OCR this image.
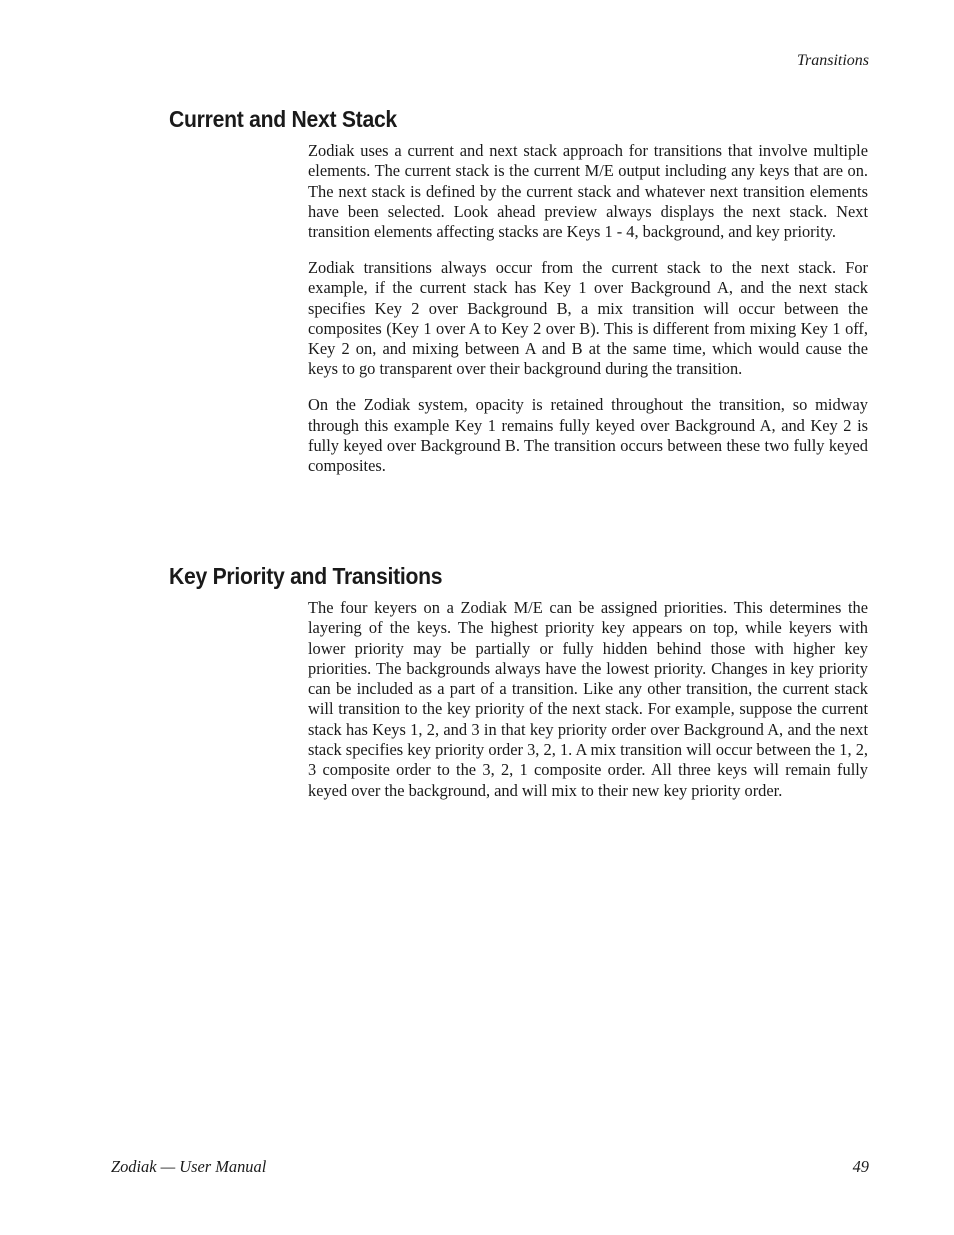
Transitions
Current and Next Stack

Zodiak uses a current and next stack approach for transitions that involve multiple elements. The current stack is the current M/E output including any keys that are on. The next stack is defined by the current stack and whatever next transition elements have been selected. Look ahead preview always displays the next stack. Next transition elements affecting stacks are Keys 1 - 4, background, and key priority.

Zodiak transitions always occur from the current stack to the next stack. For example, if the current stack has Key 1 over Background A, and the next stack specifies Key 2 over Background B, a mix transition will occur between the composites (Key 1 over A to Key 2 over B). This is different from mixing Key 1 off, Key 2 on, and mixing between A and B at the same time, which would cause the keys to go transparent over their background during the transition.

On the Zodiak system, opacity is retained throughout the transition, so midway through this example Key 1 remains fully keyed over Background A, and Key 2 is fully keyed over Background B. The transition occurs between these two fully keyed composites.

Key Priority and Transitions

The four keyers on a Zodiak M/E can be assigned priorities. This determines the layering of the keys. The highest priority key appears on top, while keyers with lower priority may be partially or fully hidden behind those with higher key priorities. The backgrounds always have the lowest priority. Changes in key priority can be included as a part of a transition. Like any other transition, the current stack will transition to the key priority of the next stack. For example, suppose the current stack has Keys 1, 2, and 3 in that key priority order over Background A, and the next stack specifies key priority order 3, 2, 1. A mix transition will occur between the 1, 2, 3 composite order to the 3, 2, 1 composite order. All three keys will remain fully keyed over the background, and will mix to their new key priority order.

Zodiak — User Manual	49
